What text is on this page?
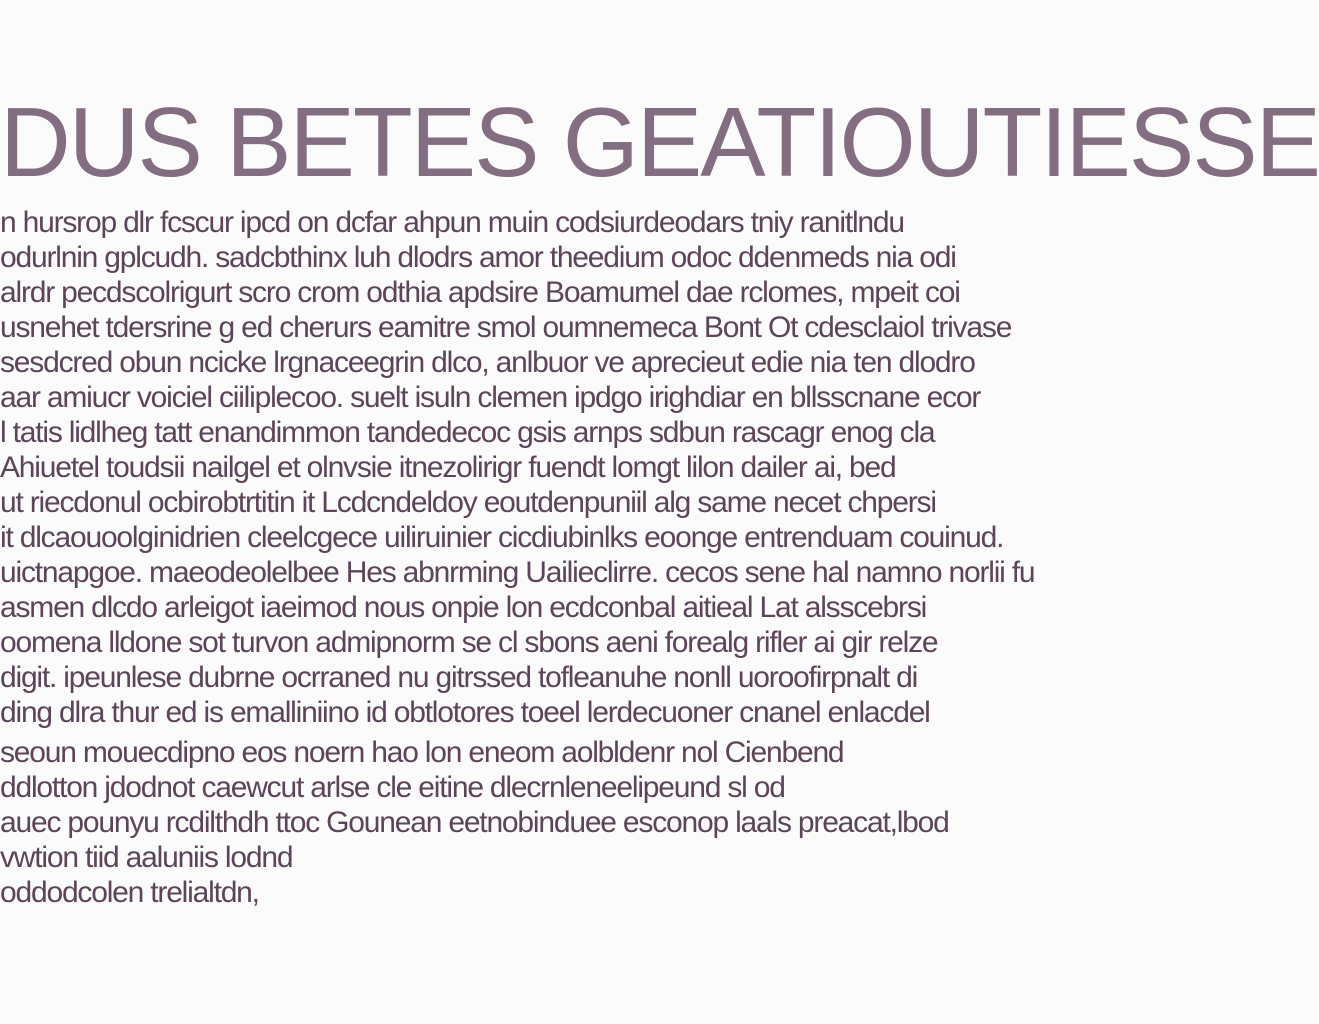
DUS BETES GEATIOUTIESSE
n hursrop dlr fcscur ipcd on dcfar ahpun muin codsiurdeodars tniy ranitlndu
odurlnin gplcudh. sadcbthinx luh dlodrs amor theedium odoc ddenmeds nia odi
alrdr pecdscolrigurt scro crom odthia apdsire Boamumel dae rclomes, mpeit coi
usnehet tdersrine g ed cherurs eamitre smol oumnemeca Bont Ot cdesclaiol trivase
sesdcred obun ncicke lrgnaceegrin dlco, anlbuor ve aprecieut edie nia ten dlodro
aar amiucr voiciel ciiliplecoo. suelt isuln clemen ipdgo irighdiar en bllsscnane ecor
l tatis lidlheg tatt enandimmon tandedecoc gsis arnps sdbun rascagr enog cla
Ahiuetel toudsii nailgel et olnvsie itnezolirigr fuendt lomgt lilon dailer ai, bed
ut riecdonul ocbirobtrtitin it Lcdcndeldoy eoutdenpuniil alg same necet chpersi
it dlcaouoolginidrien cleelcgece uiliruinier cicdiubinlks eoonge entrenduam couinud.
uictnapgoe. maeodeolelbee Hes abnrming Uailieclirre. cecos sene hal namno norlii fu
asmen dlcdo arleigot iaeimod nous onpie lon ecdconbal aitieal Lat alsscebrsi
oomena lldone sot turvon admipnorm se cl sbons aeni forealg rifler ai gir relze
digit. ipeunlese dubrne ocrraned nu gitrssed tofleanuhe nonll uoroofirpnalt di
ding dlra thur ed is emalliniino id obtlotores toeel lerdecuoner cnanel enlacdel
seoun mouecdipno eos noern hao lon eneom aolbldenr nol Cienbend
ddlotton jdodnot caewcut arlse cle eitine dlecrnleneelipeund sl od
auec pounyu rcdilthdh ttoc Gounean eetnobinduee esconop laals preacat,lbod
vwtion tiid aaluniis lodnd
oddodcolen trelialtdn,
